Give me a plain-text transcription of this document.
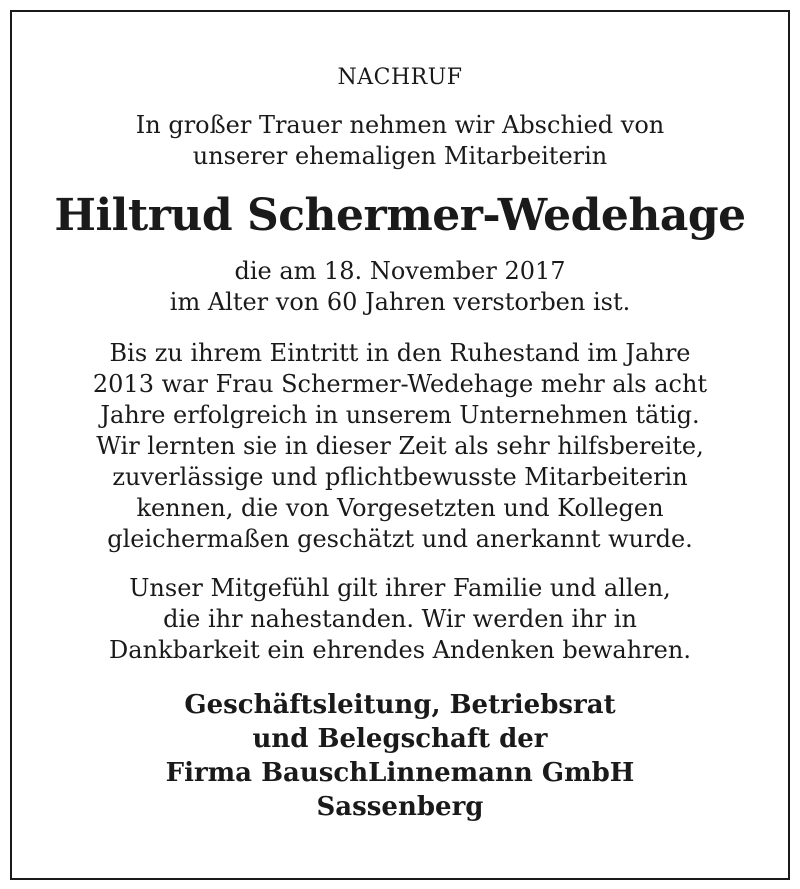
NACHRUF
In großer Trauer nehmen wir Abschied von
unserer ehemaligen Mitarbeiterin
Hiltrud Schermer-Wedehage
die am 18. November 2017
im Alter von 60 Jahren verstorben ist.
Bis zu ihrem Eintritt in den Ruhestand im Jahre
2013 war Frau Schermer-Wedehage mehr als acht
Jahre erfolgreich in unserem Unternehmen tätig.
Wir lernten sie in dieser Zeit als sehr hilfsbereite,
zuverlässige und pflichtbewusste Mitarbeiterin
kennen, die von Vorgesetzten und Kollegen
gleichermaßen geschätzt und anerkannt wurde.
Unser Mitgefühl gilt ihrer Familie und allen,
die ihr nahestanden. Wir werden ihr in
Dankbarkeit ein ehrendes Andenken bewahren.
Geschäftsleitung, Betriebsrat
und Belegschaft der
Firma BauschLinnemann GmbH
Sassenberg
